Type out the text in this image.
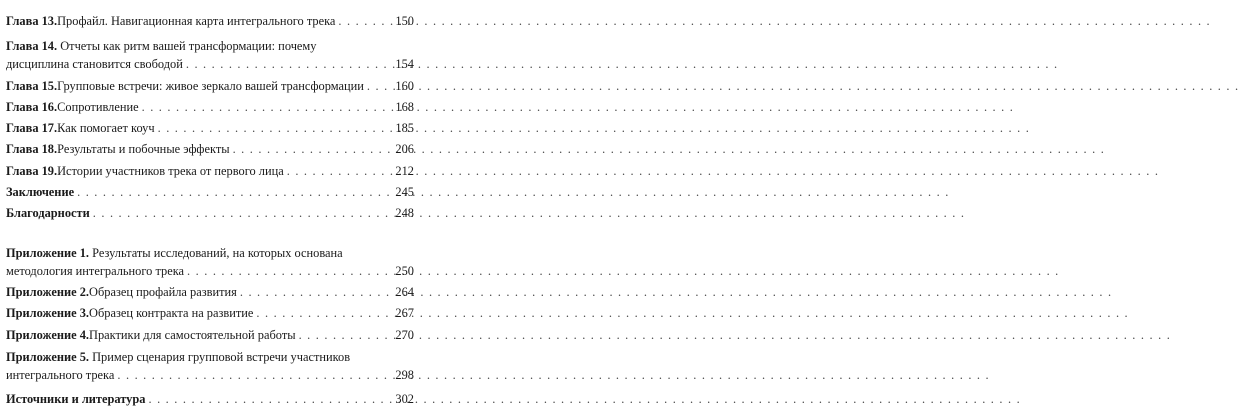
Глава 13. Профайл. Навигационная карта интегрального трека . . .	150
Глава 14. Отчеты как ритм вашей трансформации: почему
дисциплина становится свободой . . .	154
Глава 15. Групповые встречи: живое зеркало вашей трансформации . . .	160
Глава 16. Сопротивление . . .	168
Глава 17. Как помогает коуч . . .	185
Глава 18. Результаты и побочные эффекты . . .	206
Глава 19. Истории участников трека от первого лица . . .	212
Заключение . . .	245
Благодарности . . .	248
Приложение 1. Результаты исследований, на которых основана
методология интегрального трека . . .	250
Приложение 2. Образец профайла развития . . .	264
Приложение 3. Образец контракта на развитие . . .	267
Приложение 4. Практики для самостоятельной работы . . .	270
Приложение 5. Пример сценария групповой встречи участников
интегрального трека . . .	298
Источники и литература . . .	302
